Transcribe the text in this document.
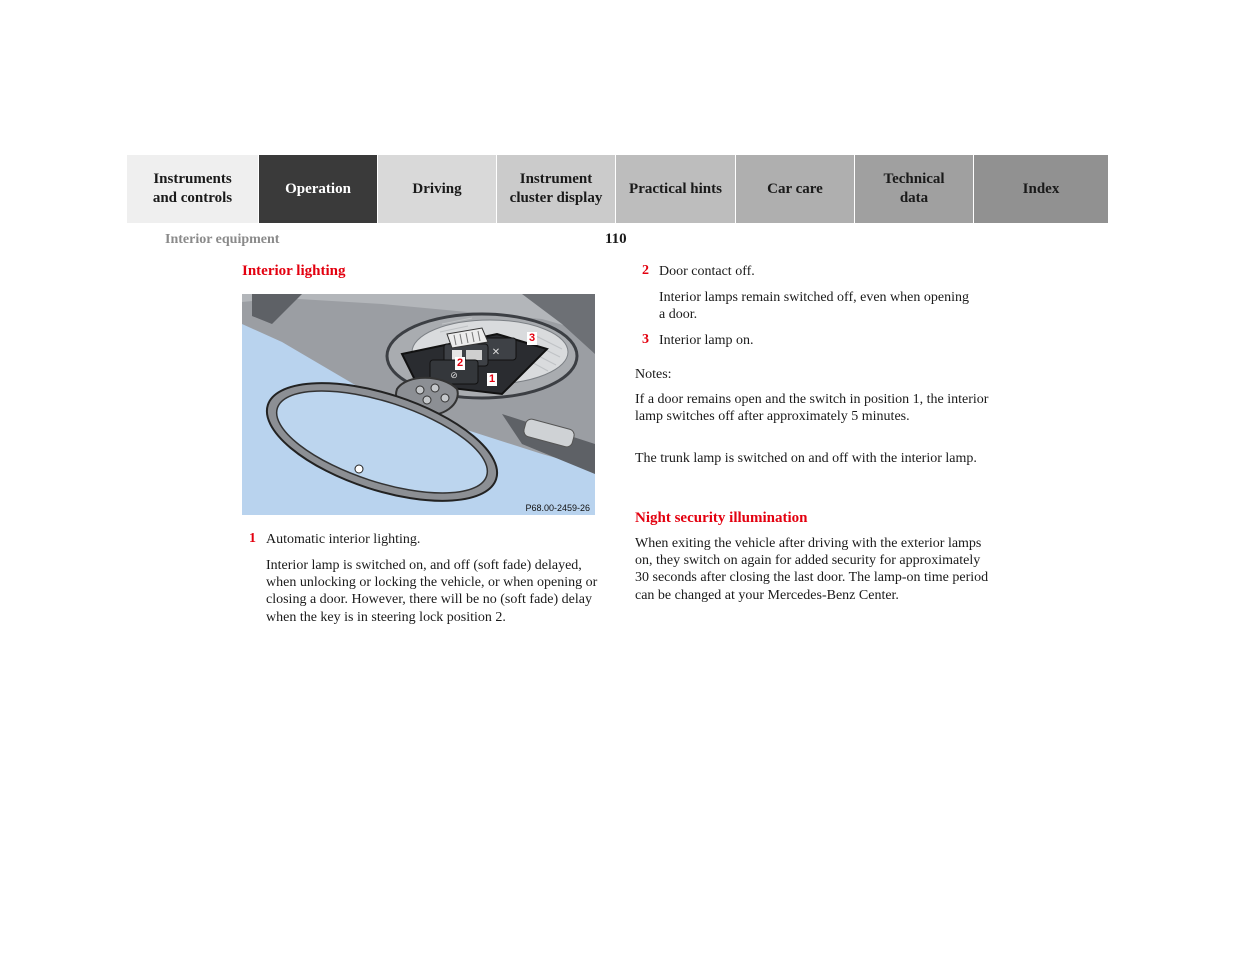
Instruments
and controls
Operation	Driving
Instrument
cluster display
Practical hints	Car care
Technical
data
Index
Interior equipment	110
Interior lighting
✕
⊘
3
2
1
P68.00-2459-26
1 Automatic interior lighting.

Interior lamp is switched on, and off (soft fade) delayed, when unlocking or locking the vehicle, or when opening or closing a door. However, there will be no (soft fade) delay when the key is in steering lock position 2.

2 Door contact off.

Interior lamps remain switched off, even when opening a door.

3 Interior lamp on.

Notes:

If a door remains open and the switch in position 1, the interior lamp switches off after approximately 5 minutes.

The trunk lamp is switched on and off with the interior lamp.

Night security illumination

When exiting the vehicle after driving with the exterior lamps on, they switch on again for added security for approximately 30 seconds after closing the last door. The lamp-on time period can be changed at your Mercedes-Benz Center.
